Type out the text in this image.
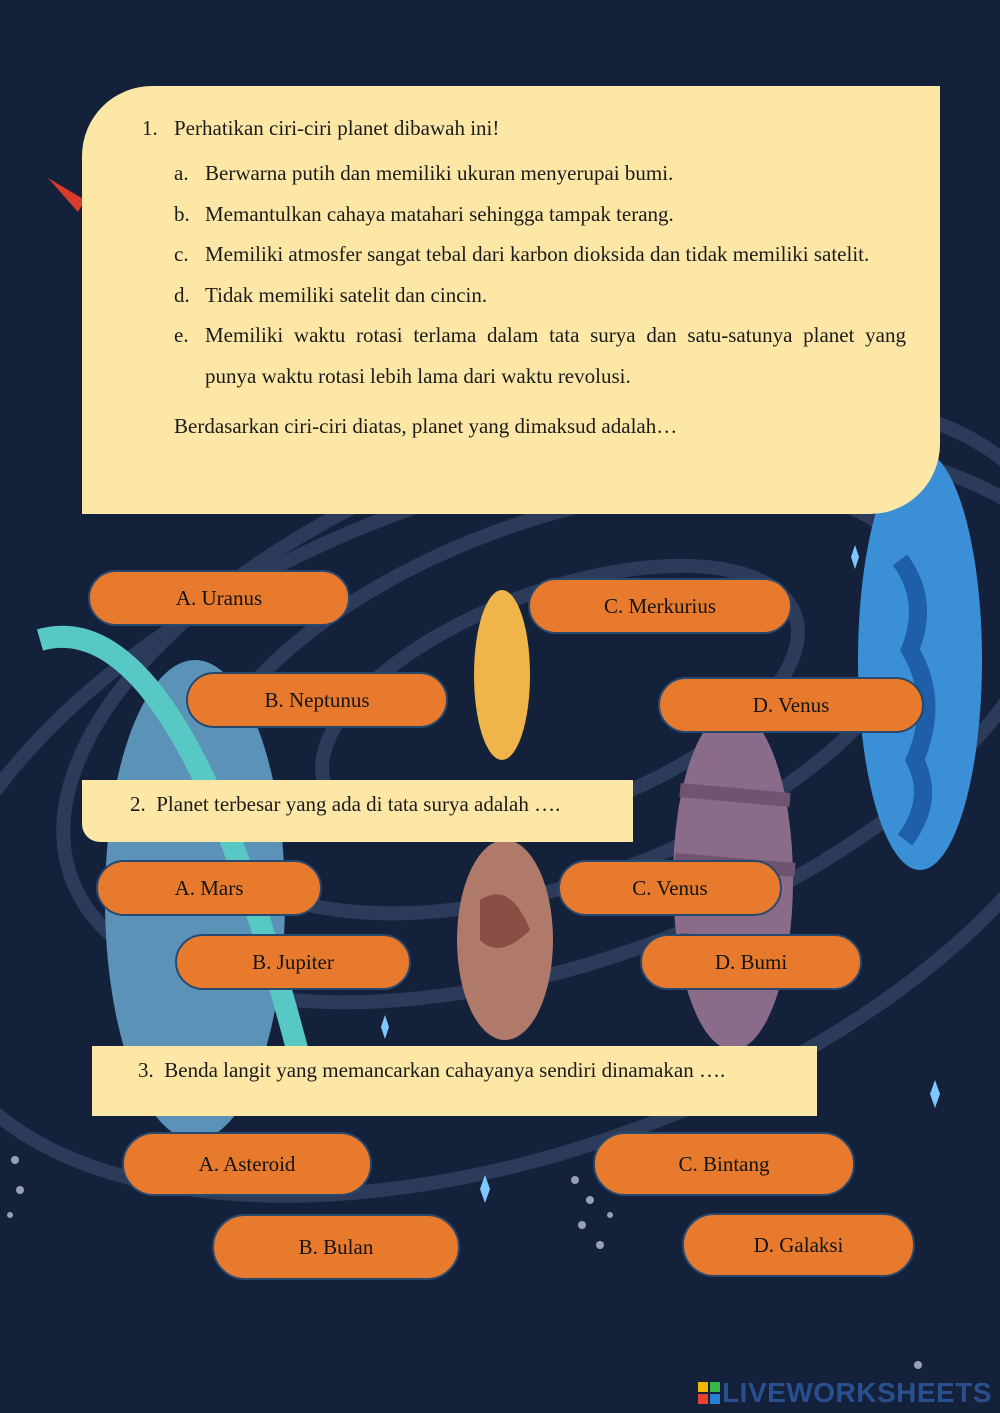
1. Perhatikan ciri-ciri planet dibawah ini!
a. Berwarna putih dan memiliki ukuran menyerupai bumi.
b. Memantulkan cahaya matahari sehingga tampak terang.
c. Memiliki atmosfer sangat tebal dari karbon dioksida dan tidak memiliki satelit.
d. Tidak memiliki satelit dan cincin.
e. Memiliki waktu rotasi terlama dalam tata surya dan satu-satunya planet yang punya waktu rotasi lebih lama dari waktu revolusi.
Berdasarkan ciri-ciri diatas, planet yang dimaksud adalah…
A. Uranus
B. Neptunus
C. Merkurius
D. Venus
2. Planet terbesar yang ada di tata surya adalah ….
A. Mars
B. Jupiter
C. Venus
D. Bumi
3. Benda langit yang memancarkan cahayanya sendiri dinamakan ….
A. Asteroid
B. Bulan
C. Bintang
D. Galaksi
LIVEWORKSHEETS
